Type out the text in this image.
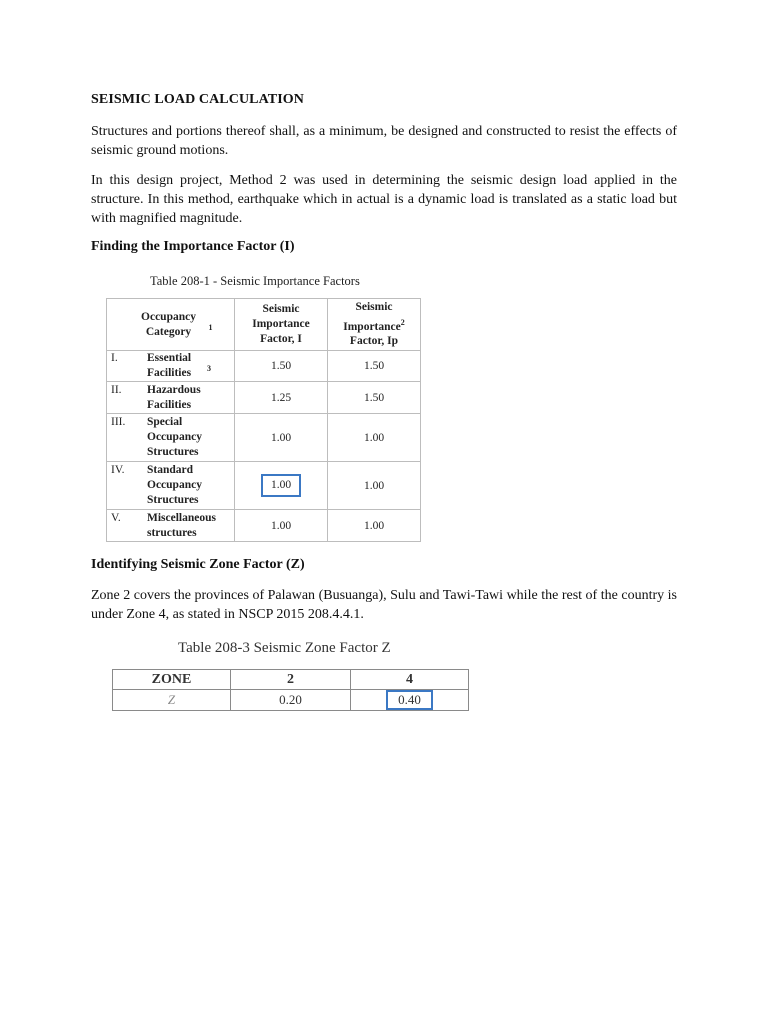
SEISMIC LOAD CALCULATION

Structures and portions thereof shall, as a minimum, be designed and constructed to resist the effects of seismic ground motions.

In this design project, Method 2 was used in determining the seismic design load applied in the structure. In this method, earthquake which in actual is a dynamic load is translated as a static load but with magnified magnitude.

Finding the Importance Factor (I)
Table 208-1 - Seismic Importance Factors
Occupancy Category $^1$	Seismic Importance Factor, I	Seismic Importance$^2$
Factor, Ip

I. Essential Facilities $^3$	1.50	1.50

II. Hazardous Facilities	1.25	1.50

III. Special Occupancy Structures	1.00	1.00

IV. Standard Occupancy Structures	1.00	1.00

V. Miscellaneous structures	1.00	1.00
Identifying Seismic Zone Factor (Z)

Zone 2 covers the provinces of Palawan (Busuanga), Sulu and Tawi-Tawi while the rest of the country is under Zone 4, as stated in NSCP 2015 208.4.4.1.

Table 208-3 Seismic Zone Factor Z
ZONE	2	4
Z	0.20	0.40
